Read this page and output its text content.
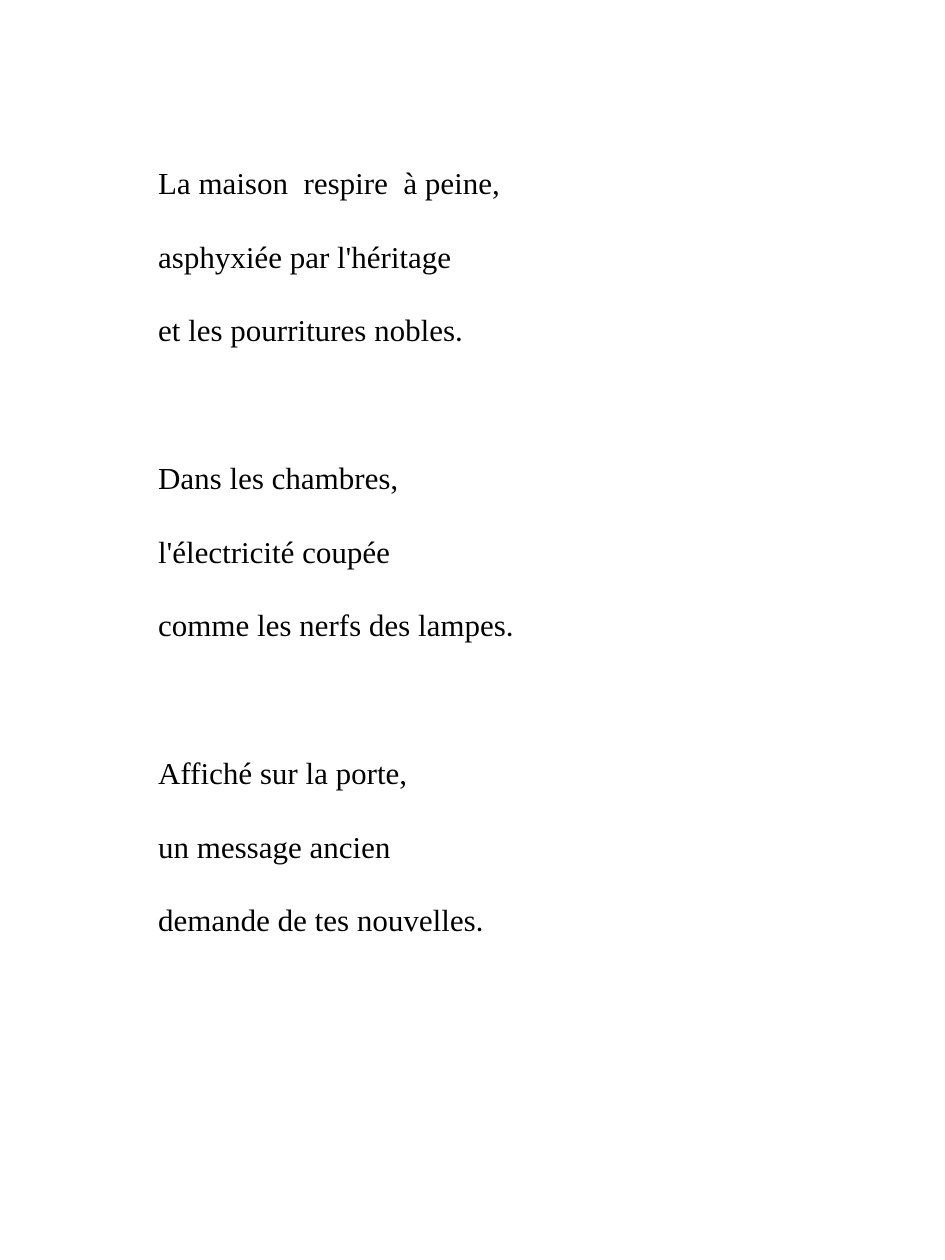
La maison  respire  à peine,

asphyxiée par l'héritage

et les pourritures nobles.

Dans les chambres,

l'électricité coupée

comme les nerfs des lampes.

Affiché sur la porte,

un message ancien

demande de tes nouvelles.
